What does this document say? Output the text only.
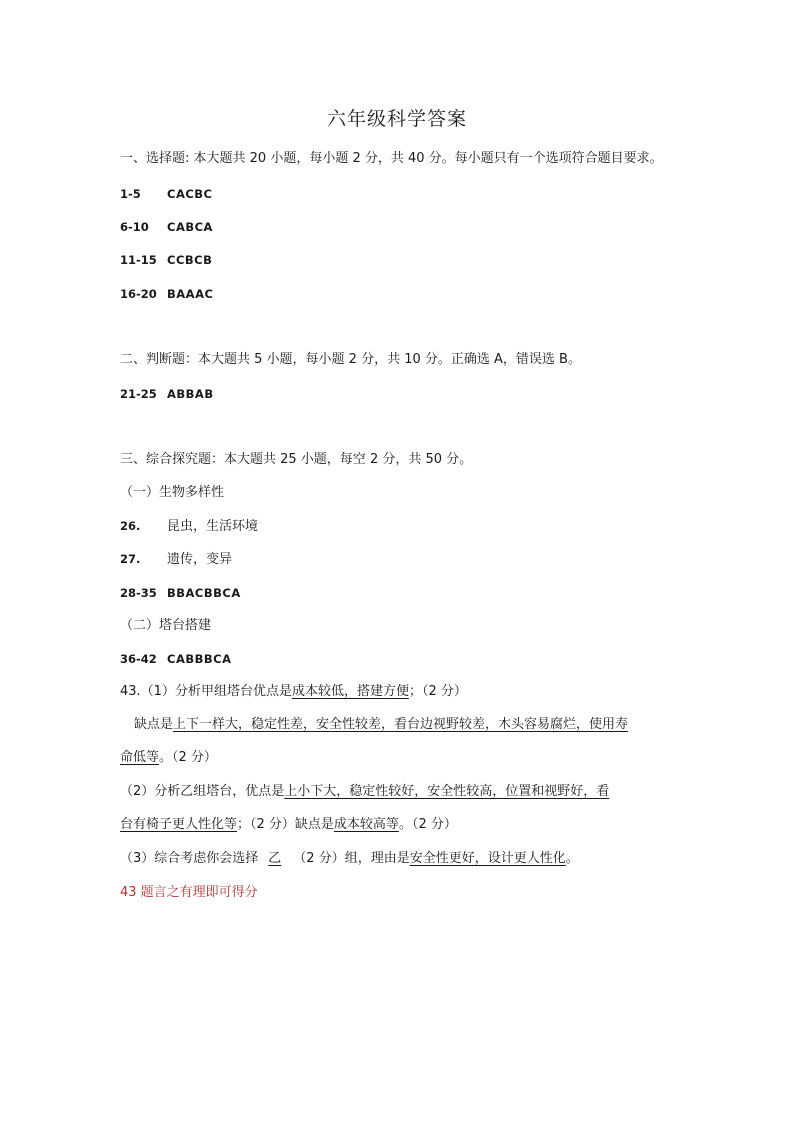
六年级科学答案
一、选择题: 本大题共 20 小题，每小题 2 分，共 40 分。每小题只有一个选项符合题目要求。
1-5 CACBC
6-10 CABCA
11-15 CCBCB
16-20 BAAAC
二、判断题：本大题共 5 小题，每小题 2 分，共 10 分。正确选 A，错误选 B。
21-25 ABBAB
三、综合探究题：本大题共 25 小题，每空 2 分，共 50 分。
（一）生物多样性
26. 昆虫，生活环境
27. 遗传，变异
28-35 BBACBBCA
（二）塔台搭建
36-42 CABBBCA
43.（1）分析甲组塔台优点是成本较低，搭建方便；（2 分）
缺点是上下一样大，稳定性差，安全性较差，看台边视野较差，木头容易腐烂，使用寿
命低等。（2 分）
（2）分析乙组塔台，优点是上小下大，稳定性较好，安全性较高，位置和视野好，看
台有椅子更人性化等；（2 分）缺点是成本较高等。（2 分）
（3）综合考虑你会选择 乙 （2 分）组，理由是安全性更好，设计更人性化。
43 题言之有理即可得分
